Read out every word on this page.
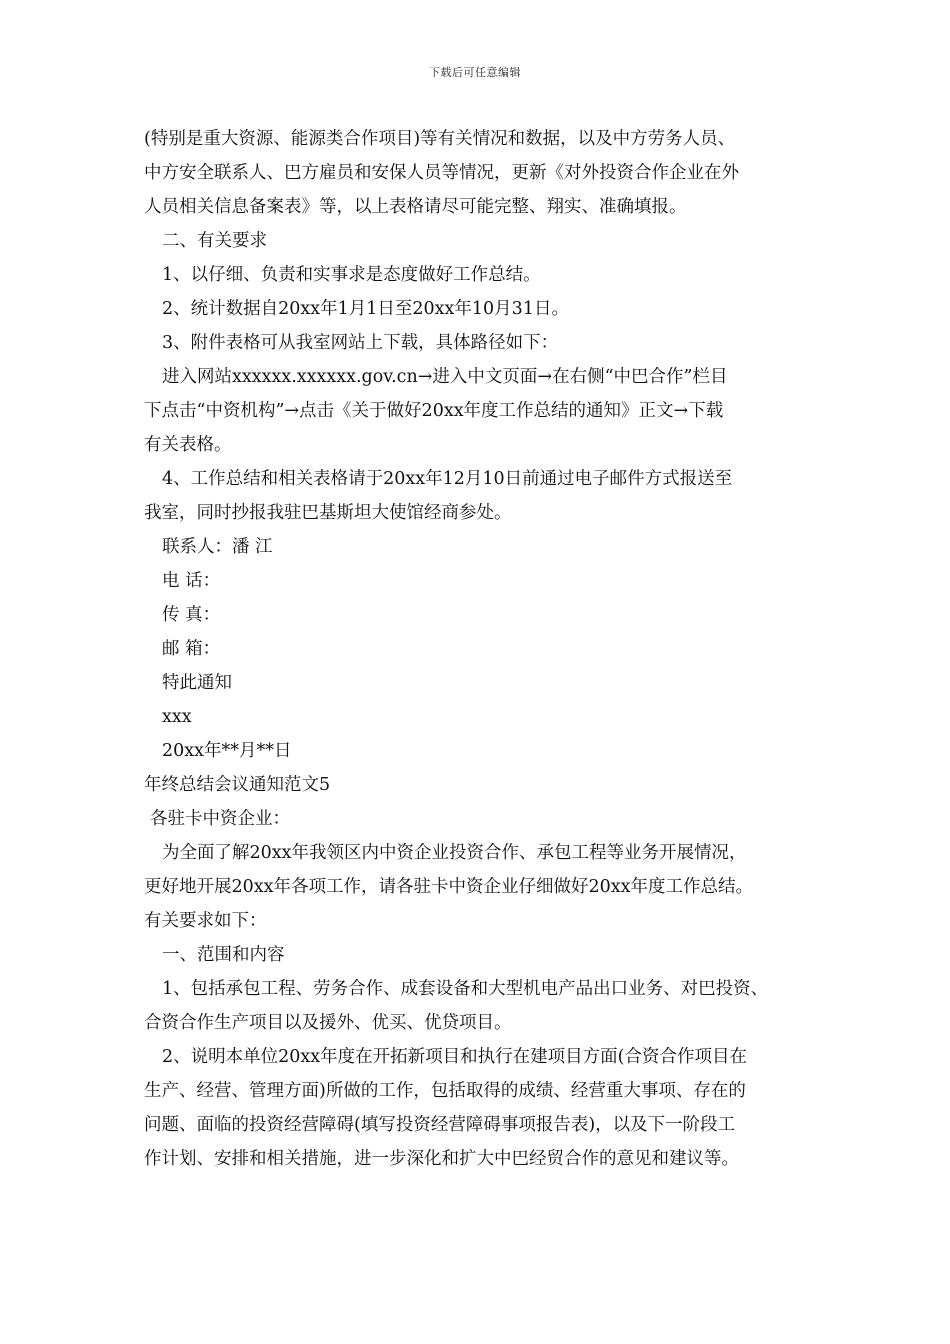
下载后可任意编辑
(特别是重大资源、能源类合作项目)等有关情况和数据，以及中方劳务人员、
中方安全联系人、巴方雇员和安保人员等情况，更新《对外投资合作企业在外
人员相关信息备案表》等，以上表格请尽可能完整、翔实、准确填报。
二、有关要求
1、以仔细、负责和实事求是态度做好工作总结。
2、统计数据自20xx年1月1日至20xx年10月31日。
3、附件表格可从我室网站上下载，具体路径如下：
进入网站xxxxxx.xxxxxx.gov.cn→进入中文页面→在右侧“中巴合作”栏目
下点击“中资机构”→点击《关于做好20xx年度工作总结的通知》正文→下载
有关表格。
4、工作总结和相关表格请于20xx年12月10日前通过电子邮件方式报送至
我室，同时抄报我驻巴基斯坦大使馆经商参处。
联系人：潘 江
电 话：
传 真：
邮 箱：
特此通知
xxx
20xx年**月**日
年终总结会议通知范文5
各驻卡中资企业：
为全面了解20xx年我领区内中资企业投资合作、承包工程等业务开展情况，
更好地开展20xx年各项工作，请各驻卡中资企业仔细做好20xx年度工作总结。
有关要求如下：
一、范围和内容
1、包括承包工程、劳务合作、成套设备和大型机电产品出口业务、对巴投资、
合资合作生产项目以及援外、优买、优贷项目。
2、说明本单位20xx年度在开拓新项目和执行在建项目方面(合资合作项目在
生产、经营、管理方面)所做的工作，包括取得的成绩、经营重大事项、存在的
问题、面临的投资经营障碍(填写投资经营障碍事项报告表)，以及下一阶段工
作计划、安排和相关措施，进一步深化和扩大中巴经贸合作的意见和建议等。
